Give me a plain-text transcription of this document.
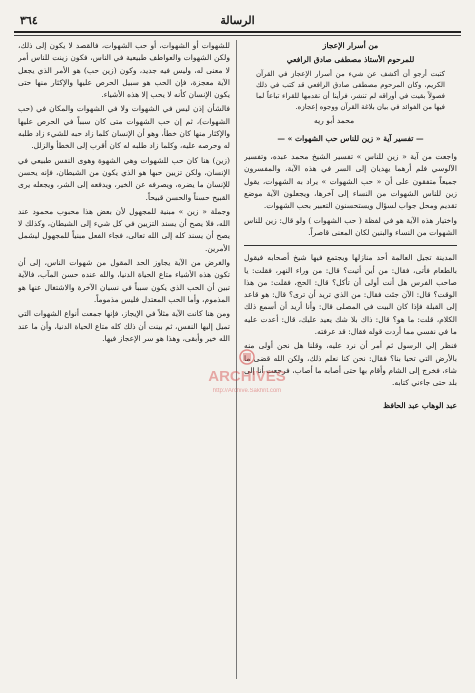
٣٦٤	الرسالة

من أسرار الإعجاز

للمرحوم الأستاذ مصطفى صادق الرافعي

كتبت أرجو أن أكشف عن شيء من أسرار الإعجاز في القرآن الكريم، وكان المرحوم مصطفى صادق الرافعي قد كتب في ذلك فصولاً بقيت في أوراقه لم تنشر، فرأينا أن نقدمها للقراء تباعاً لما فيها من الفوائد في بيان بلاغة القرآن ووجوه إعجازه.

محمد أبو ريه

— تفسير آية « زين للناس حب الشهوات » —

واجعت من آية « زين للناس » تفسير الشيخ محمد عبده، وتفسير الآلوسي فلم أرهما يهديان إلى السر في هذه الآية، والمفسرون جميعاً متفقون على أن « حب الشهوات » يراد به الشهوات، يقول زين للناس الشهوات من النساء إلى آخرها، ويجعلون الآية موضع تقديم ومحل جواب لسؤال ويستحسنون التعبير بحب الشهوات.

واختيار هذه الآية هو في لفظة ( حب الشهوات ) ولو قال: زين للناس الشهوات من النساء والبنين لكان المعنى قاصراً.

المدينة تجيل العالمة أحد منازلها ويجتمع فيها شيخ أصحابه فيقول بالطعام فأتى، فقال: من أين أتيت؟ قال: من وراء النهر، فقلت: يا صاحب الفرس هل أنت أولى أن تأكل؟ قال: الحج، فقلت: من هذا الوقت؟ قال: الآن جئت فقال: من الذي تريد أن ترى؟ قال: هو قاعد إلى القبلة فإذا كان البيت في المصلى قال: وأنا أريد أن أسمع ذلك الكلام، قلت: ما هو؟ قال: ذاك بلا شك يعيد عليك، قال: أعدت عليه ما في نفسي مما أردت قوله فقال: قد عرفته.

فنظر إلي الرسول ثم أمر أن نرد عليه، وقلنا هل نحن أولى منه بالأرض التي تحيا بنا؟ فقال: نحن كنا نعلم ذلك، ولكن الله قضى ما شاء، فخرج إلى الشام وأقام بها حتى أصابه ما أصاب، فرجعت أنا إلى بلد حتى جاءني كتابه.

عبد الوهاب عبد الحافظ

للشهوات أو الشهوات، أو حب الشهوات، فالقصد لا يكون إلى ذلك، ولكن الشهوات والعواطف طبيعية في الناس، فكون زينت للناس أمر لا معنى له، وليس فيه جديد، وكون (زين حب) هو الأمر الذي يجعل الآية معجزة، فإن الحب هو سبيل الحرص عليها والإكثار منها حتى يكون الإنسان كأنه لا يحب إلا هذه الأشياء.

فالشأن إذن ليس في الشهوات ولا في الشهوات والمكان في (حب الشهوات)، ثم إن حب الشهوات متى كان سبباً في الحرص عليها والإكثار منها كان خطأ، وهو أن الإنسان كلما زاد حبه للشيء زاد طلبه له وحرصه عليه، وكلما زاد طلبه له كان أقرب إلى الخطأ والزلل.

(زين) هنا كان حب للشهوات وهي الشهوة وهوى النفس طبيعي في الإنسان، ولكن تزيين حبها هو الذي يكون من الشيطان، فإنه يحسن للإنسان ما يضره، ويصرفه عن الخير، ويدفعه إلى الشر، ويجعله يرى القبيح حسناً والحسن قبيحاً.

وجملة « زين » مبنية للمجهول لأن بعض هذا محبوب محمود عند الله، فلا يصح أن يسند التزيين في كل شيء إلى الشيطان، وكذلك لا يصح أن يسند كله إلى الله تعالى، فجاء الفعل مبنياً للمجهول ليشمل الأمرين.

والغرض من الآية يجاوز الحد المقول من شهوات الناس، إلى أن تكون هذه الأشياء متاع الحياة الدنيا، والله عنده حسن المآب، فالآية تبين أن الحب الذي يكون سبباً في نسيان الآخرة والاشتغال عنها هو المذموم، وأما الحب المعتدل فليس مذموماً.

ومن هنا كانت الآية مثلاً في الإيجاز، فإنها جمعت أنواع الشهوات التي تميل إليها النفس، ثم بينت أن ذلك كله متاع الحياة الدنيا، وأن ما عند الله خير وأبقى، وهذا هو سر الإعجاز فيها.

ARCHIVES
http://Archive.Sakhrit.com
